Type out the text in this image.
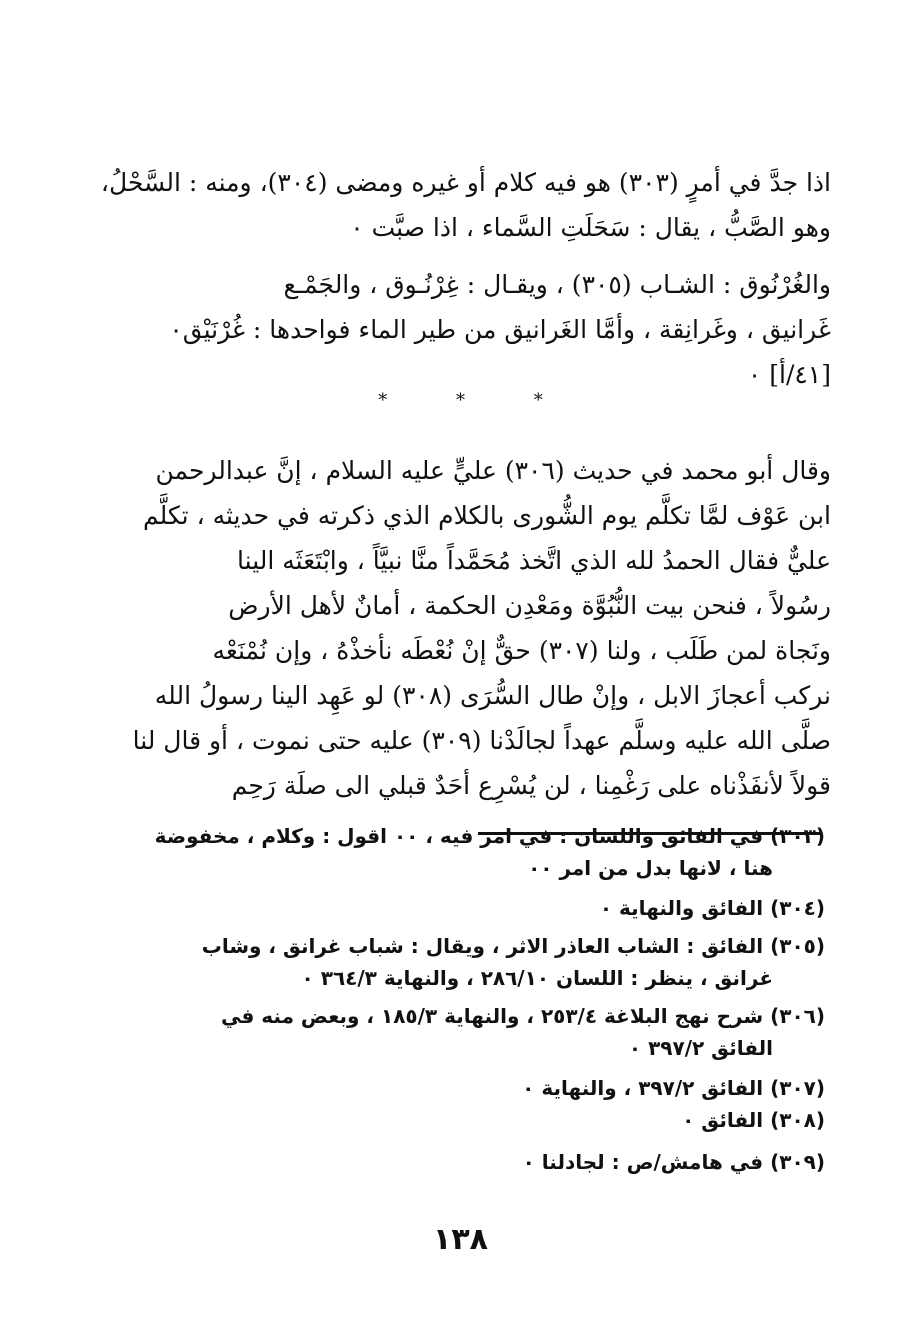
اذا جدَّ في أمرٍ (٣٠٣) هو فيه كلام أو غيره ومضى (٣٠٤)، ومنه : السَّحْلُ،
وهو الصَّبُّ ، يقال : سَحَلَتِ السَّماء ، اذا صبَّت ٠
والغُرْنُوق : الشـاب (٣٠٥) ، ويقـال : غِرْنُـوق ، والجَمْـع
غَرانيق ، وغَرانِقة ، وأمَّا الغَرانيق من طير الماء فواحدها : غُرْنَيْق٠
[٤١/أ] ٠
*	*	*
وقال أبو محمد في حديث (٣٠٦) عليٍّ عليه السلام ، إنَّ عبدالرحمن
ابن عَوْف لمَّا تكلَّم يوم الشُّورى بالكلام الذي ذكرته في حديثه ، تكلَّم
عليٌّ فقال الحمدُ لله الذي اتَّخذ مُحَمَّداً منَّا نبيَّاً ، وابْتَعَثَه الينا
رسُولاً ، فنحن بيت النُّبُوَّة ومَعْدِن الحكمة ، أمانٌ لأهل الأرض
ونَجاة لمن طَلَب ، ولنا (٣٠٧) حقٌّ إنْ نُعْطَه نأخذْهُ ، وإن نُمْنَعْه
نركب أعجازَ الابل ، وإنْ طال السُّرَى (٣٠٨) لو عَهِد الينا رسولُ الله
صلَّى الله عليه وسلَّم عهداً لجالَدْنا (٣٠٩) عليه حتى نموت ، أو قال لنا
قولاً لأنفَذْناه على رَغْمِنا ، لن يُسْرِع أحَدٌ قبلي الى صلَة رَحِم
(٣٠٣) في الفائق واللسان : في امر فيه ، ٠٠ اقول : وكلام ، مخفوضة
هنا ، لانها بدل من امر ٠٠
(٣٠٤) الفائق والنهاية ٠
(٣٠٥) الفائق : الشاب العاذر الاثر ، ويقال : شباب غرانق ، وشاب
غرانق ، ينظر : اللسان ٢٨٦/١٠ ، والنهاية ٣٦٤/٣ ٠
(٣٠٦) شرح نهج البلاغة ٢٥٣/٤ ، والنهاية ١٨٥/٣ ، وبعض منه في
الفائق ٣٩٧/٢ ٠
(٣٠٧) الفائق ٣٩٧/٢ ، والنهاية ٠
(٣٠٨) الفائق ٠
(٣٠٩) في هامش/ص : لجادلنا ٠
١٣٨
